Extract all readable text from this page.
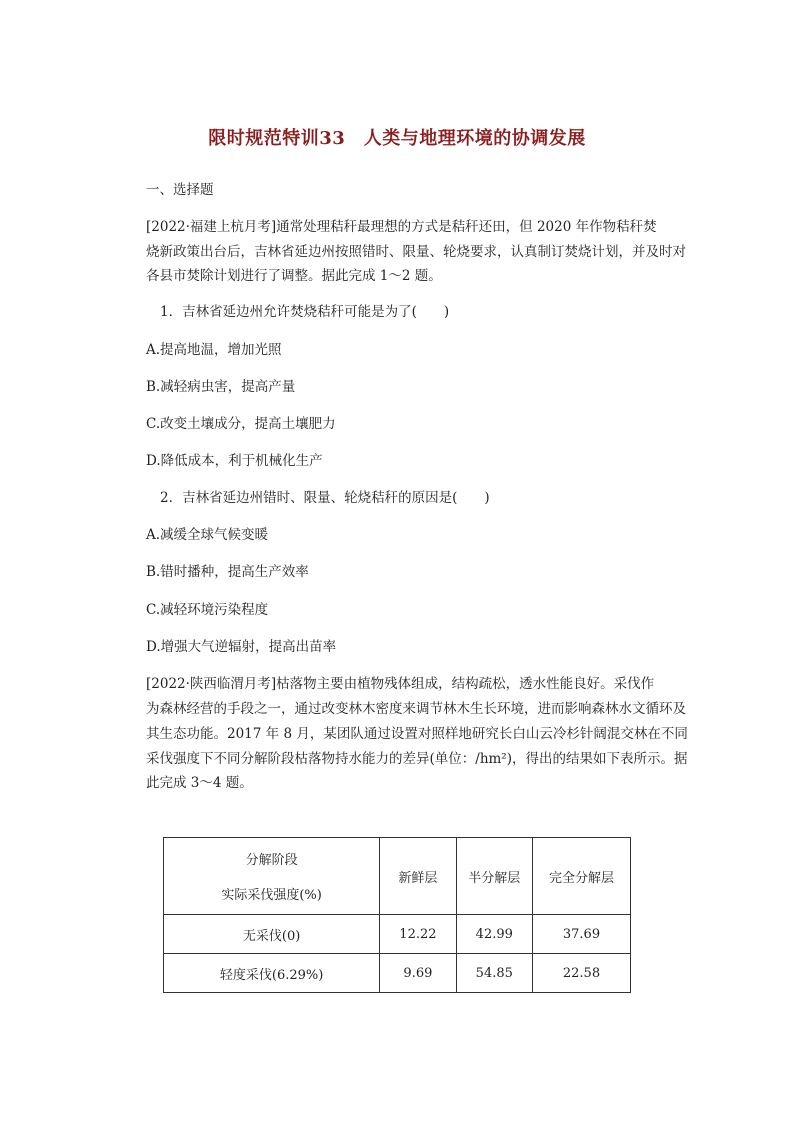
限时规范特训33　人类与地理环境的协调发展
一、选择题
[2022·福建上杭月考]通常处理秸秆最理想的方式是秸秆还田，但 2020 年作物秸秆焚
烧新政策出台后，吉林省延边州按照错时、限量、轮烧要求，认真制订焚烧计划，并及时对
各县市焚除计划进行了调整。据此完成 1～2 题。
1．吉林省延边州允许焚烧秸秆可能是为了(　　)
A.提高地温，增加光照
B.减轻病虫害，提高产量
C.改变土壤成分，提高土壤肥力
D.降低成本，利于机械化生产
2．吉林省延边州错时、限量、轮烧秸秆的原因是(　　)
A.减缓全球气候变暖
B.错时播种，提高生产效率
C.减轻环境污染程度
D.增强大气逆辐射，提高出苗率
[2022·陕西临渭月考]枯落物主要由植物残体组成，结构疏松，透水性能良好。采伐作
为森林经营的手段之一，通过改变林木密度来调节林木生长环境，进而影响森林水文循环及
其生态功能。2017 年 8 月，某团队通过设置对照样地研究长白山云冷杉针阔混交林在不同
采伐强度下不同分解阶段枯落物持水能力的差异(单位：/hm²)，得出的结果如下表所示。据
此完成 3～4 题。
分解阶段
实际采伐强度(%)	新鲜层	半分解层	完全分解层
无采伐(0)	12.22	42.99	37.69
轻度采伐(6.29%)	9.69	54.85	22.58
